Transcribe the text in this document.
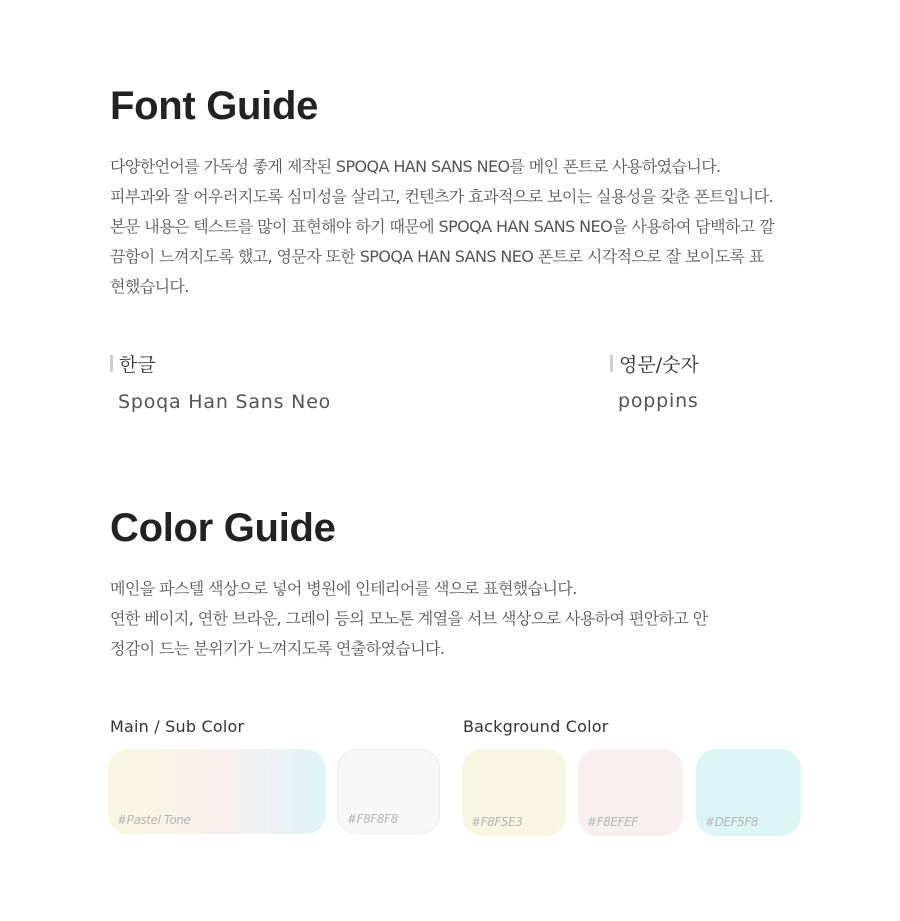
Font Guide
다양한언어를 가독성 좋게 제작된 SPOQA HAN SANS NEO를 메인 폰트로 사용하였습니다.
피부과와 잘 어우러지도록 심미성을 살리고, 컨텐츠가 효과적으로 보이는 실용성을 갖춘 폰트입니다.
본문 내용은 텍스트를 많이 표현해야 하기 때문에 SPOQA HAN SANS NEO을 사용하여 담백하고 깔
끔함이 느껴지도록 했고, 영문자 또한 SPOQA HAN SANS NEO 폰트로 시각적으로 잘 보이도록 표
현했습니다.
한글
Spoqa Han Sans Neo
영문/숫자
poppins
Color Guide
메인을 파스텔 색상으로 넣어 병원에 인테리어를 색으로 표현했습니다.
연한 베이지, 연한 브라운, 그레이 등의 모노톤 계열을 서브 색상으로 사용하여 편안하고 안
정감이 드는 분위기가 느껴지도록 연출하였습니다.
Main / Sub Color	Background Color
#Pastel Tone	#F8F8F8	#F8F5E3	#F8EFEF	#DEF5F8
